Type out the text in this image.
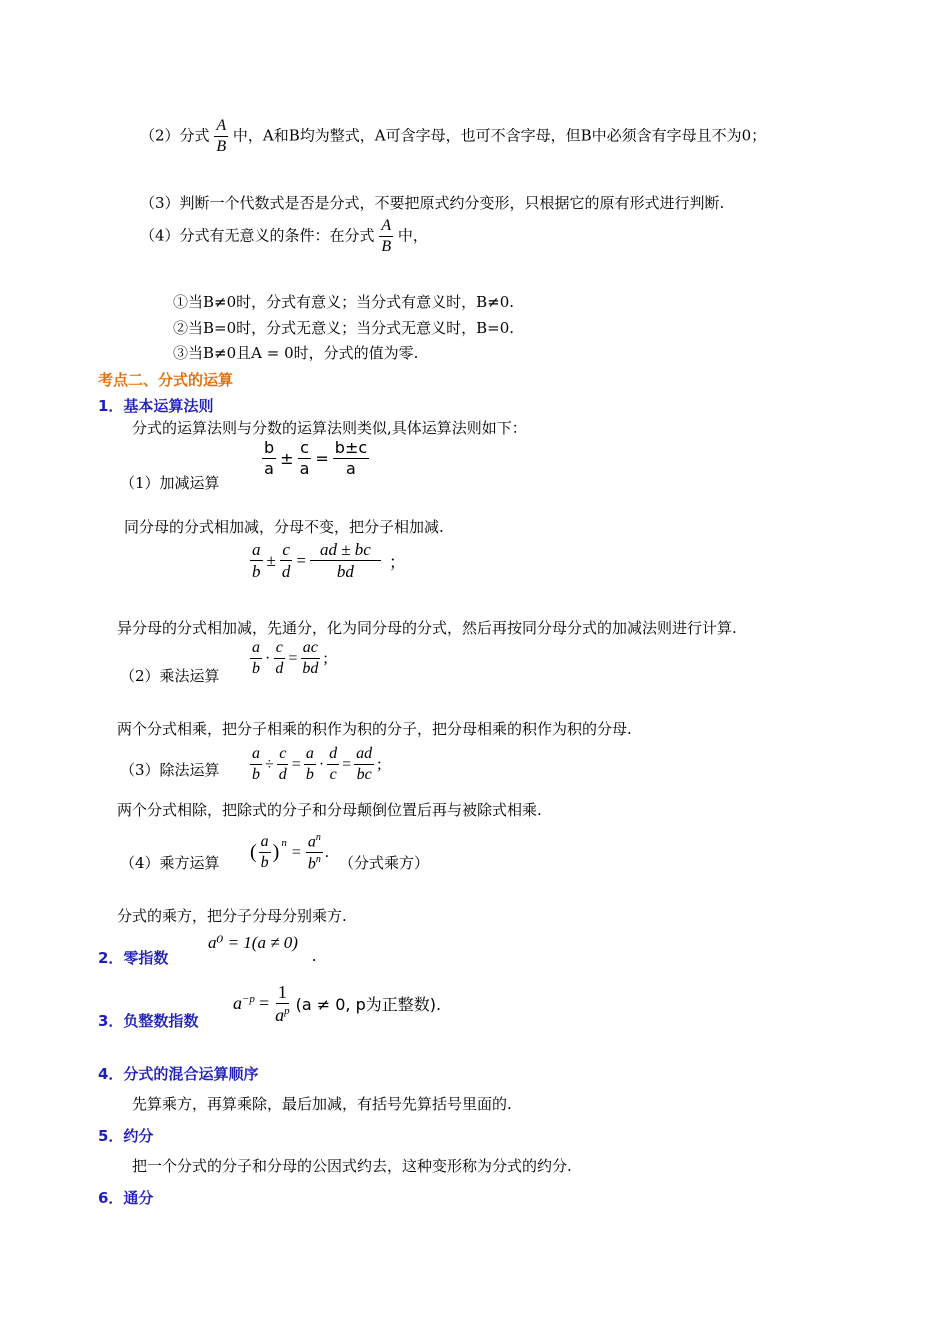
（2）分式 $\frac{A}{B}$ 中，A和B均为整式，A可含字母，也可不含字母，但B中必须含有字母且不为0；
（3）判断一个代数式是否是分式，不要把原式约分变形，只根据它的原有形式进行判断.
（4）分式有无意义的条件：在分式 $\frac{A}{B}$ 中，
①当B≠0时，分式有意义；当分式有意义时，B≠0.
②当B=0时，分式无意义；当分式无意义时，B=0.
③当B≠0且A = 0时，分式的值为零.
考点二、分式的运算
1．基本运算法则
分式的运算法则与分数的运算法则类似,具体运算法则如下：
（1）加减运算
$\frac{b}{a} \pm \frac{c}{a} = \frac{b\pm c}{a}$
同分母的分式相加减，分母不变，把分子相加减.
$\frac{a}{b} \pm \frac{c}{d} = \frac{ad \pm bc}{bd}$ ；
异分母的分式相加减，先通分，化为同分母的分式，然后再按同分母分式的加减法则进行计算.
（2）乘法运算 $\frac{a}{b} \cdot \frac{c}{d} = \frac{ac}{bd}$ ;
两个分式相乘，把分子相乘的积作为积的分子，把分母相乘的积作为积的分母.
（3）除法运算 $\frac{a}{b} \div \frac{c}{d} = \frac{a}{b} \cdot \frac{d}{c} = \frac{ad}{bc}$ ;
两个分式相除，把除式的分子和分母颠倒位置后再与被除式相乘.
（4）乘方运算 ( $\frac{a}{b} )^n$
= $\frac{a^n}{b^n}$ .
（分式乘方）
分式的乘方，把分子分母分别乘方.
2．零指数
a⁰ = 1(a ≠ 0)
.
3．负整数指数
$a^{-p} = \frac{1}{a^p} (a \ne 0$, p为正整数).
4．分式的混合运算顺序
先算乘方，再算乘除，最后加减，有括号先算括号里面的.
5．约分
把一个分式的分子和分母的公因式约去，这种变形称为分式的约分.
6．通分
